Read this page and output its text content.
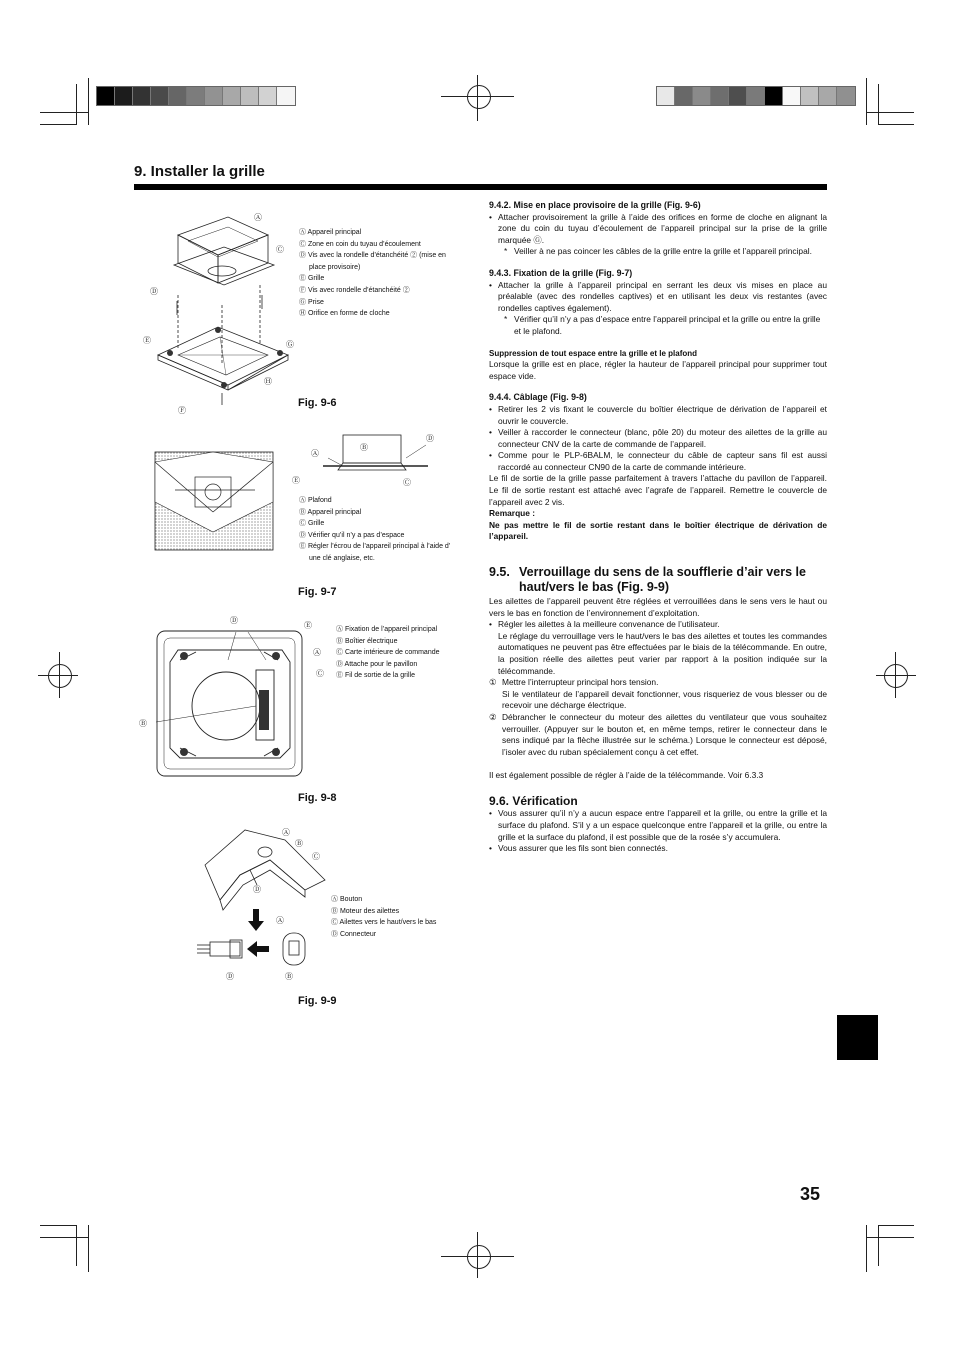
9. Installer la grille
Ⓐ
Ⓒ
Ⓓ
Ⓔ	Ⓖ
Ⓗ
Ⓕ
Ⓐ Appareil principal
Ⓒ Zone en coin du tuyau d’écoulement
Ⓓ Vis avec la rondelle d’étanchéité ② (mise en
place provisoire)
Ⓔ Grille
Ⓕ Vis avec rondelle d’étanchéité ②
Ⓖ Prise
Ⓗ Orifice en forme de cloche
Fig. 9-6
Ⓑ
Ⓓ
Ⓐ
Ⓒ
Ⓔ
Ⓐ Plafond
Ⓑ Appareil principal
Ⓒ Grille
Ⓓ Vérifier qu’il n’y a pas d’espace
Ⓔ Régler l’écrou de l’appareil principal à l’aide d’
une clé anglaise, etc.
Fig. 9-7
Ⓓ
Ⓔ
Ⓐ
Ⓒ
Ⓑ
Ⓐ Fixation de l’appareil principal
Ⓑ Boîtier électrique
Ⓒ Carte intérieure de commande
Ⓓ Attache pour le pavillon
Ⓔ Fil de sortie de la grille
Fig. 9-8
Ⓐ
Ⓑ
Ⓒ
Ⓓ
Ⓐ
Ⓓ	Ⓑ
Ⓐ Bouton
Ⓑ Moteur des ailettes
Ⓒ Ailettes vers le haut/vers le bas
Ⓓ Connecteur
Fig. 9-9

9.4.2. Mise en place provisoire de la grille (Fig. 9-6)

• Attacher provisoirement la grille à l’aide des orifices en forme de cloche en alignant la zone du coin du tuyau d’écoulement de l’appareil principal sur la prise de la grille marquée Ⓖ.

* Veiller à ne pas coincer les câbles de la grille entre la grille et l’appareil principal.

9.4.3. Fixation de la grille (Fig. 9-7)

• Attacher la grille à l’appareil principal en serrant les deux vis mises en place au préalable (avec des rondelles captives) et en utilisant les deux vis restantes (avec rondelles captives également).

* Vérifier qu’il n’y a pas d’espace entre l’appareil principal et la grille ou entre la grille et le plafond.

Suppression de tout espace entre la grille et le plafond

Lorsque la grille est en place, régler la hauteur de l’appareil principal pour supprimer tout espace vide.

9.4.4. Câblage (Fig. 9-8)

• Retirer les 2 vis fixant le couvercle du boîtier électrique de dérivation de l’appareil et ouvrir le couvercle.

• Veiller à raccorder le connecteur (blanc, pôle 20) du moteur des ailettes de la grille au connecteur CNV de la carte de commande de l’appareil.

• Comme pour le PLP-6BALM, le connecteur du câble de capteur sans fil est aussi raccordé au connecteur CN90 de la carte de commande intérieure.

Le fil de sortie de la grille passe parfaitement à travers l’attache du pavillon de l’appareil. Le fil de sortie restant est attaché avec l’agrafe de l’appareil. Remettre le couvercle de l’appareil avec 2 vis.

Remarque :

Ne pas mettre le fil de sortie restant dans le boîtier électrique de dérivation de l’appareil.

9.5. Verrouillage du sens de la soufflerie d’air vers le haut/vers le bas (Fig. 9-9)

Les ailettes de l’appareil peuvent être réglées et verrouillées dans le sens vers le haut ou vers le bas en fonction de l’environnement d’exploitation.

• Régler les ailettes à la meilleure convenance de l’utilisateur.

Le réglage du verrouillage vers le haut/vers le bas des ailettes et toutes les commandes automatiques ne peuvent pas être effectuées par le biais de la télécommande. En outre, la position réelle des ailettes peut varier par rapport à la position indiquée sur la télécommande.

① Mettre l’interrupteur principal hors tension.

Si le ventilateur de l’appareil devait fonctionner, vous risqueriez de vous blesser ou de recevoir une décharge électrique.

② Débrancher le connecteur du moteur des ailettes du ventilateur que vous souhaitez verrouiller. (Appuyer sur le bouton et, en même temps, retirer le connecteur dans le sens indiqué par la flèche illustrée sur le schéma.) Lorsque le connecteur est déposé, l’isoler avec du ruban spécialement conçu à cet effet.

Il est également possible de régler à l’aide de la télécommande. Voir 6.3.3

9.6. Vérification

• Vous assurer qu’il n’y a aucun espace entre l’appareil et la grille, ou entre la grille et la surface du plafond. S’il y a un espace quelconque entre l’appareil et la grille, ou entre la grille et la surface du plafond, il est possible que de la rosée s’y accumulera.

• Vous assurer que les fils sont bien connectés.

35
